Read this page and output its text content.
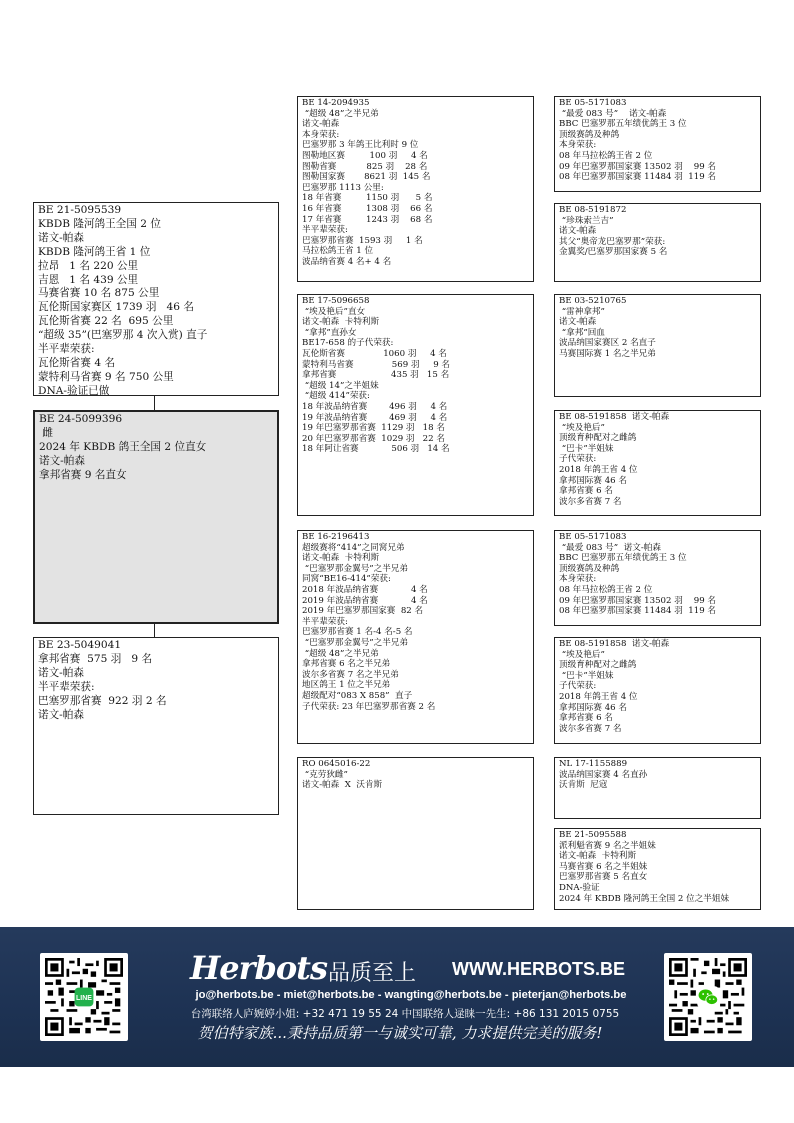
BE 21-5095539
KBDB 隆河鸽王全国 2 位
诺文-帕森
KBDB 隆河鸽王省 1 位
拉昂   1 名 220 公里
吉恩   1 名 439 公里
马赛省赛 10 名 875 公里
瓦伦斯国家赛区 1739 羽   46 名
瓦伦斯省赛 22 名  695 公里
“超级 35”(巴塞罗那 4 次入赏) 直子
半平辈荣获:
瓦伦斯省赛 4 名
蒙特利马省赛 9 名 750 公里
DNA-验证已做
BE 24-5099396
雌
2024 年 KBDB 鸽王全国 2 位直女
诺文-帕森
拿邦省赛 9 名直女
BE 23-5049041
拿邦省赛  575 羽   9 名
诺文-帕森
半平辈荣获:
巴塞罗那省赛  922 羽 2 名
诺文-帕森
BE 14-2094935
“超级 48”之半兄弟
诺文-帕森
本身荣获:
巴塞罗那 3 年鸽王比利时 9 位
图勒地区赛         100 羽     4 名
图勒省赛           825 羽    28 名
图勒国家赛       8621 羽  145 名
巴塞罗那 1113 公里:
18 年省赛         1150 羽      5 名
16 年省赛         1308 羽    66 名
17 年省赛         1243 羽    68 名
半平辈荣获:
巴塞罗那省赛  1593 羽     1 名
马拉松鸽王省 1 位
波品纳省赛 4 名+ 4 名
BE 17-5096658
“埃及艳后”直女
诺文-帕森  卡特利斯
“拿邦”直孙女
BE17-658 的子代荣获:
瓦伦斯省赛              1060 羽     4 名
蒙特利马省赛              569 羽     9 名
拿邦省赛                    435 羽   15 名
“超级 14”之半姐妹
“超级 414”荣获:
18 年波品纳省赛        496 羽     4 名
19 年波品纳省赛        469 羽     4 名
19 年巴塞罗那省赛  1129 羽   18 名
20 年巴塞罗那省赛  1029 羽   22 名
18 年阿让省赛            506 羽   14 名
BE 16-2196413
超级赛将“414”之同窝兄弟
诺文-帕森  卡特利斯
“巴塞罗那金翼号”之半兄弟
同窝“BE16-414”荣获:
2018 年波品纳省赛            4 名
2019 年波品纳省赛            4 名
2019 年巴塞罗那国家赛  82 名
半平辈荣获:
巴塞罗那省赛 1 名-4 名-5 名
“巴塞罗那金翼号”之半兄弟
“超级 48”之半兄弟
拿邦省赛 6 名之半兄弟
波尔多省赛 7 名之半兄弟
地区鸽王 1 位之半兄弟
超级配对“083 X 858”  直子
子代荣获: 23 年巴塞罗那省赛 2 名
RO 0645016-22
“克劳狄雌”
诺文-帕森  X  沃肯斯
BE 05-5171083
“最爱 083 号”    诺文-帕森
BBC 巴塞罗那五年绩优鸽王 3 位
顶级赛鸽及种鸽
本身荣获:
08 年马拉松鸽王省 2 位
09 年巴塞罗那国家赛 13502 羽    99 名
08 年巴塞罗那国家赛 11484 羽  119 名
BE 08-5191872
“珍珠索兰吉”
诺文-帕森
其父“奥帝龙巴塞罗那”荣获:
金翼奖/巴塞罗那国家赛 5 名
BE 03-5210765
“雷神拿邦”
诺文-帕森
“拿邦”回血
波品纳国家赛区 2 名直子
马赛国际赛 1 名之半兄弟
BE 08-5191858  诺文-帕森
“埃及艳后”
顶级育种配对之雌鸽
“巴卡”半姐妹
子代荣获:
2018 年鸽王省 4 位
拿邦国际赛 46 名
拿邦省赛 6 名
波尔多省赛 7 名
BE 05-5171083
“最爱 083 号”  诺文-帕森
BBC 巴塞罗那五年绩优鸽王 3 位
顶级赛鸽及种鸽
本身荣获:
08 年马拉松鸽王省 2 位
09 年巴塞罗那国家赛 13502 羽    99 名
08 年巴塞罗那国家赛 11484 羽  119 名
BE 08-5191858  诺文-帕森
“埃及艳后”
顶级育种配对之雌鸽
“巴卡”半姐妹
子代荣获:
2018 年鸽王省 4 位
拿邦国际赛 46 名
拿邦省赛 6 名
波尔多省赛 7 名
NL 17-1155889
波品纳国家赛 4 名直孙
沃肯斯  尼寇
BE 21-5095588
派利魁省赛 9 名之半姐妹
诺文-帕森  卡特利斯
马赛省赛 6 名之半姐妹
巴塞罗那省赛 5 名直女
DNA-验证
2024 年 KBDB 隆河鸽王全国 2 位之半姐妹
LINE
Herbots 品质至上 WWW.HERBOTS.BE
jo@herbots.be - miet@herbots.be - wangting@herbots.be - pieterjan@herbots.be
台湾联络人庐婉婷小姐: +32 471 19 55 24 中国联络人逯睐一先生: +86 131 2015 0755
贺伯特家族...秉持品质第一与诚实可靠, 力求提供完美的服务!
